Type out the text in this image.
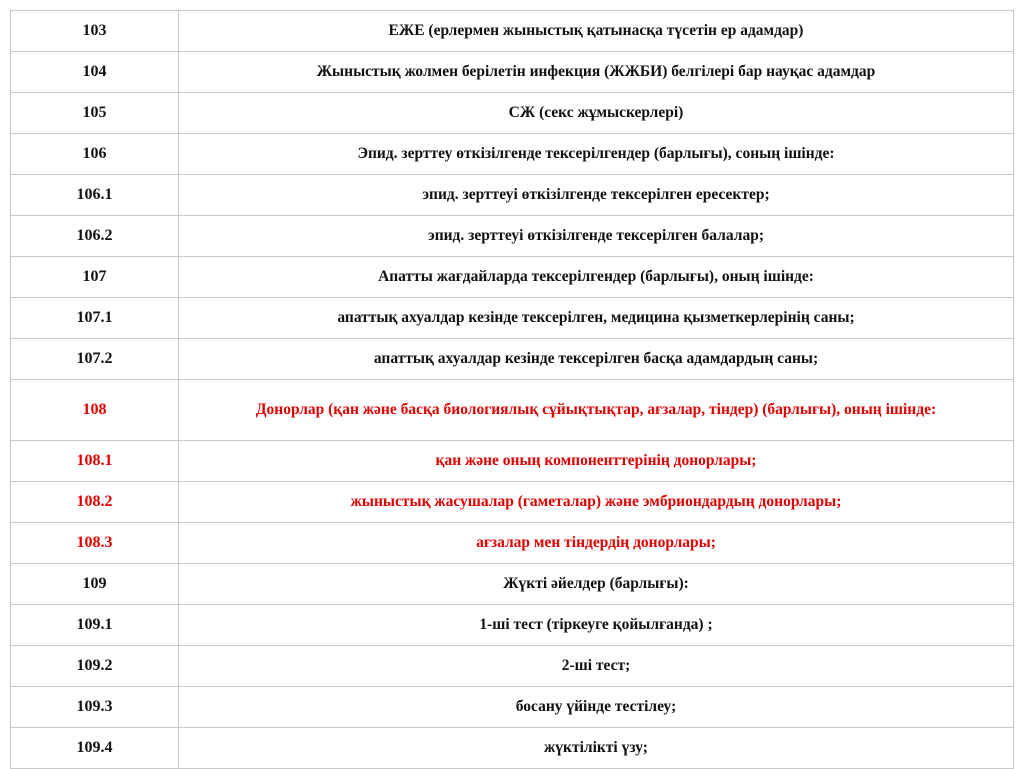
103	ЕЖЕ (ерлермен жыныстық қатынасқа түсетін ер адамдар)
104	Жыныстық жолмен берілетін инфекция (ЖЖБИ) белгілері бар науқас адамдар
105	СЖ (секс жұмыскерлері)
106	Эпид. зерттеу өткізілгенде тексерілгендер (барлығы), соның ішінде:
106.1	эпид. зерттеуі өткізілгенде тексерілген ересектер;
106.2	эпид. зерттеуі өткізілгенде тексерілген балалар;
107	Апатты жағдайларда тексерілгендер (барлығы), оның ішінде:
107.1	апаттық ахуалдар кезінде тексерілген, медицина қызметкерлерінің саны;
107.2	апаттық ахуалдар кезінде тексерілген басқа адамдардың саны;
108	Донорлар (қан және басқа биологиялық сұйықтықтар, ағзалар, тіндер) (барлығы), оның ішінде:
108.1	қан және оның компоненттерінің донорлары;
108.2	жыныстық жасушалар (гаметалар) және эмбриондардың донорлары;
108.3	ағзалар мен тіндердің донорлары;
109	Жүкті әйелдер (барлығы):
109.1	1-ші тест (тіркеуге қойылғанда) ;
109.2	2-ші тест;
109.3	босану үйінде тестілеу;
109.4	жүктілікті үзу;
